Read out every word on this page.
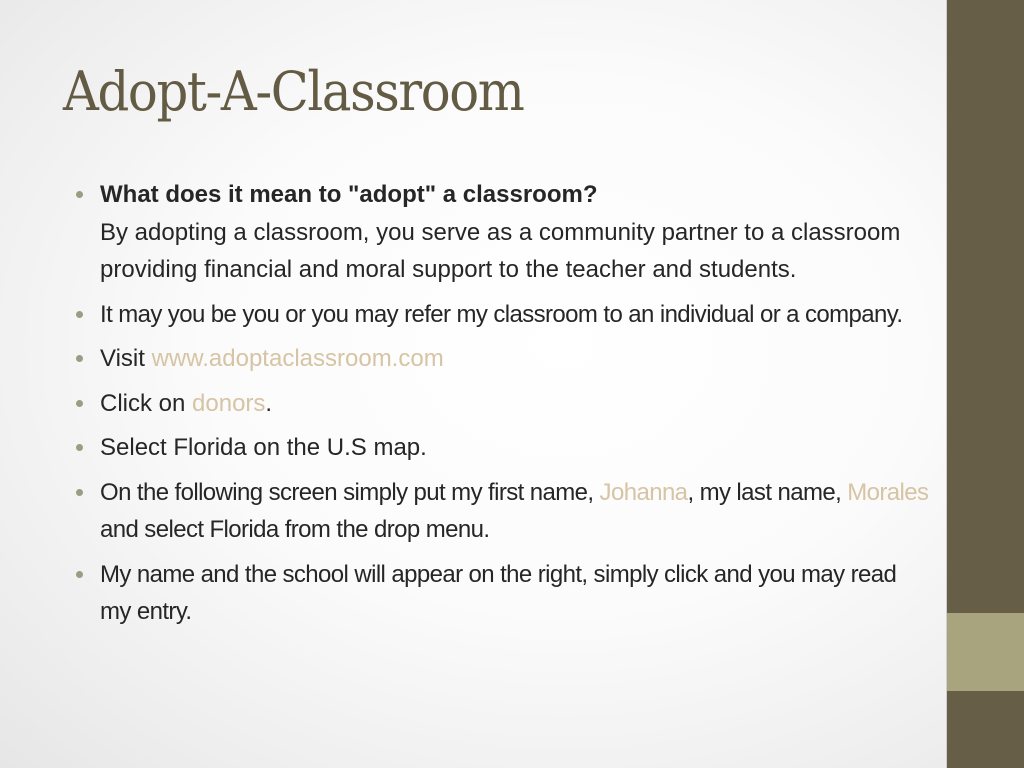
Adopt-A-Classroom
What does it mean to "adopt" a classroom?
By adopting a classroom, you serve as a community partner to a classroom providing financial and moral support to the teacher and students.
It may you be you or you may refer my classroom to an individual or a company.
Visit www.adoptaclassroom.com
Click on donors.
Select Florida on the U.S map.
On the following screen simply put my first name, Johanna, my last name, Morales and select Florida from the drop menu.
My name and the school will appear on the right, simply click and you may read my entry.
